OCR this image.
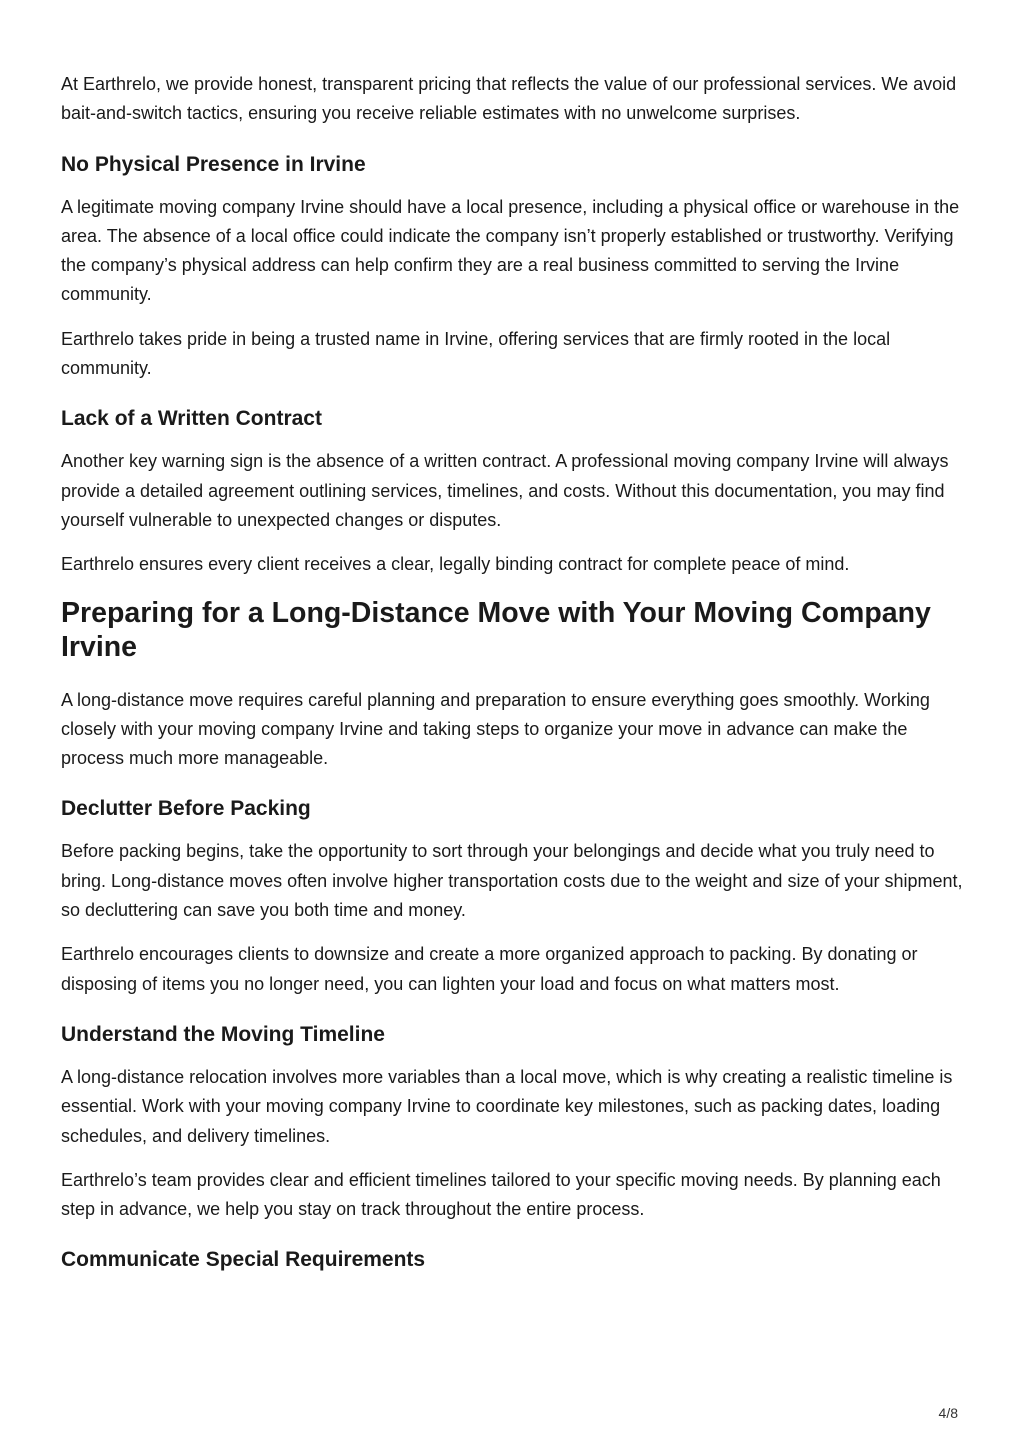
At Earthrelo, we provide honest, transparent pricing that reflects the value of our professional services. We avoid bait-and-switch tactics, ensuring you receive reliable estimates with no unwelcome surprises.

No Physical Presence in Irvine

A legitimate moving company Irvine should have a local presence, including a physical office or warehouse in the area. The absence of a local office could indicate the company isn’t properly established or trustworthy. Verifying the company’s physical address can help confirm they are a real business committed to serving the Irvine community.

Earthrelo takes pride in being a trusted name in Irvine, offering services that are firmly rooted in the local community.

Lack of a Written Contract

Another key warning sign is the absence of a written contract. A professional moving company Irvine will always provide a detailed agreement outlining services, timelines, and costs. Without this documentation, you may find yourself vulnerable to unexpected changes or disputes.

Earthrelo ensures every client receives a clear, legally binding contract for complete peace of mind.

Preparing for a Long-Distance Move with Your Moving Company Irvine

A long-distance move requires careful planning and preparation to ensure everything goes smoothly. Working closely with your moving company Irvine and taking steps to organize your move in advance can make the process much more manageable.

Declutter Before Packing

Before packing begins, take the opportunity to sort through your belongings and decide what you truly need to bring. Long-distance moves often involve higher transportation costs due to the weight and size of your shipment, so decluttering can save you both time and money.

Earthrelo encourages clients to downsize and create a more organized approach to packing. By donating or disposing of items you no longer need, you can lighten your load and focus on what matters most.

Understand the Moving Timeline

A long-distance relocation involves more variables than a local move, which is why creating a realistic timeline is essential. Work with your moving company Irvine to coordinate key milestones, such as packing dates, loading schedules, and delivery timelines.

Earthrelo’s team provides clear and efficient timelines tailored to your specific moving needs. By planning each step in advance, we help you stay on track throughout the entire process.

Communicate Special Requirements
4/8
